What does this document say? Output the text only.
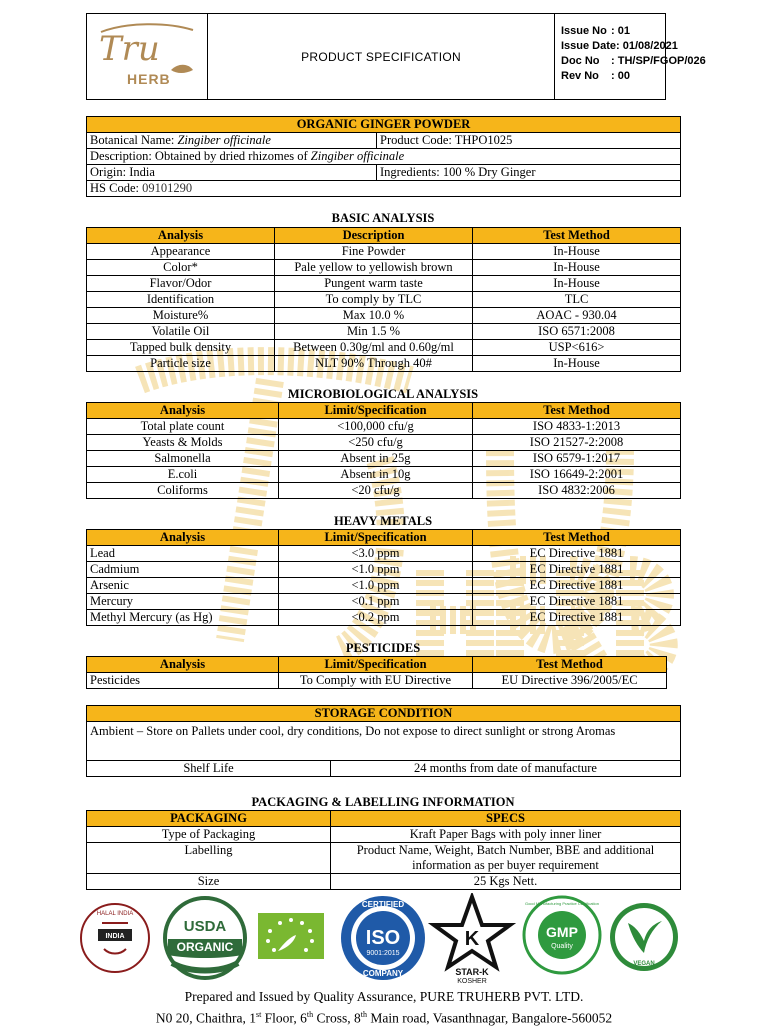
Tru
HERB
PRODUCT SPECIFICATION
Issue No : 01
Issue Date: 01/08/2021
Doc No : TH/SP/FGOP/026
Rev No : 00
ORGANIC GINGER POWDER	
Botanical Name: Zingiber officinale	Product Code: THPO1025
Description: Obtained by dried rhizomes of Zingiber officinale	
Origin: India	Ingredients: 100 % Dry Ginger
HS Code: 09101290	
BASIC ANALYSIS
Analysis	Description	Test Method
Appearance	Fine Powder	In-House
Color*	Pale yellow to yellowish brown	In-House
Flavor/Odor	Pungent warm taste	In-House
Identification	To comply by TLC	TLC
Moisture%	Max 10.0 %	AOAC - 930.04
Volatile Oil	Min 1.5 %	ISO 6571:2008
Tapped bulk density	Between 0.30g/ml and 0.60g/ml	USP<616>
Particle size	NLT 90% Through 40#	In-House
MICROBIOLOGICAL ANALYSIS
Analysis	Limit/Specification	Test Method
Total plate count	<100,000 cfu/g	ISO 4833-1:2013
Yeasts & Molds	<250 cfu/g	ISO 21527-2:2008
Salmonella	Absent in 25g	ISO 6579-1:2017
E.coli	Absent in 10g	ISO 16649-2:2001
Coliforms	<20 cfu/g	ISO 4832:2006
HEAVY METALS
Analysis	Limit/Specification	Test Method
Lead	<3.0 ppm	EC Directive 1881
Cadmium	<1.0 ppm	EC Directive 1881
Arsenic	<1.0 ppm	EC Directive 1881
Mercury	<0.1 ppm	EC Directive 1881
Methyl Mercury (as Hg)	<0.2 ppm	EC Directive 1881
PESTICIDES
Analysis	Limit/Specification	Test Method
Pesticides	To Comply with EU Directive	EU Directive 396/2005/EC
STORAGE CONDITION
Ambient – Store on Pallets under cool, dry conditions, Do not expose to direct sunlight or strong Aromas
Shelf Life	24 months from date of manufacture
PACKAGING & LABELLING INFORMATION
PACKAGING	SPECS
Type of Packaging	Kraft Paper Bags with poly inner liner
Labelling	Product Name, Weight, Batch Number, BBE and additional information as per buyer requirement
Size	25 Kgs Nett.
HALAL INDIA
INDIA
USDA
ORGANIC
CERTIFIED
ISO
9001:2015
COMPANY
K
STAR-K
KOSHER
GMP
Quality
Good Manufacturing Practice Certification
VEGAN
Prepared and Issued by Quality Assurance, PURE TRUHERB PVT. LTD.
N0 20, Chaithra, 1st Floor, 6th Cross, 8th Main road, Vasanthnagar, Bangalore-560052
